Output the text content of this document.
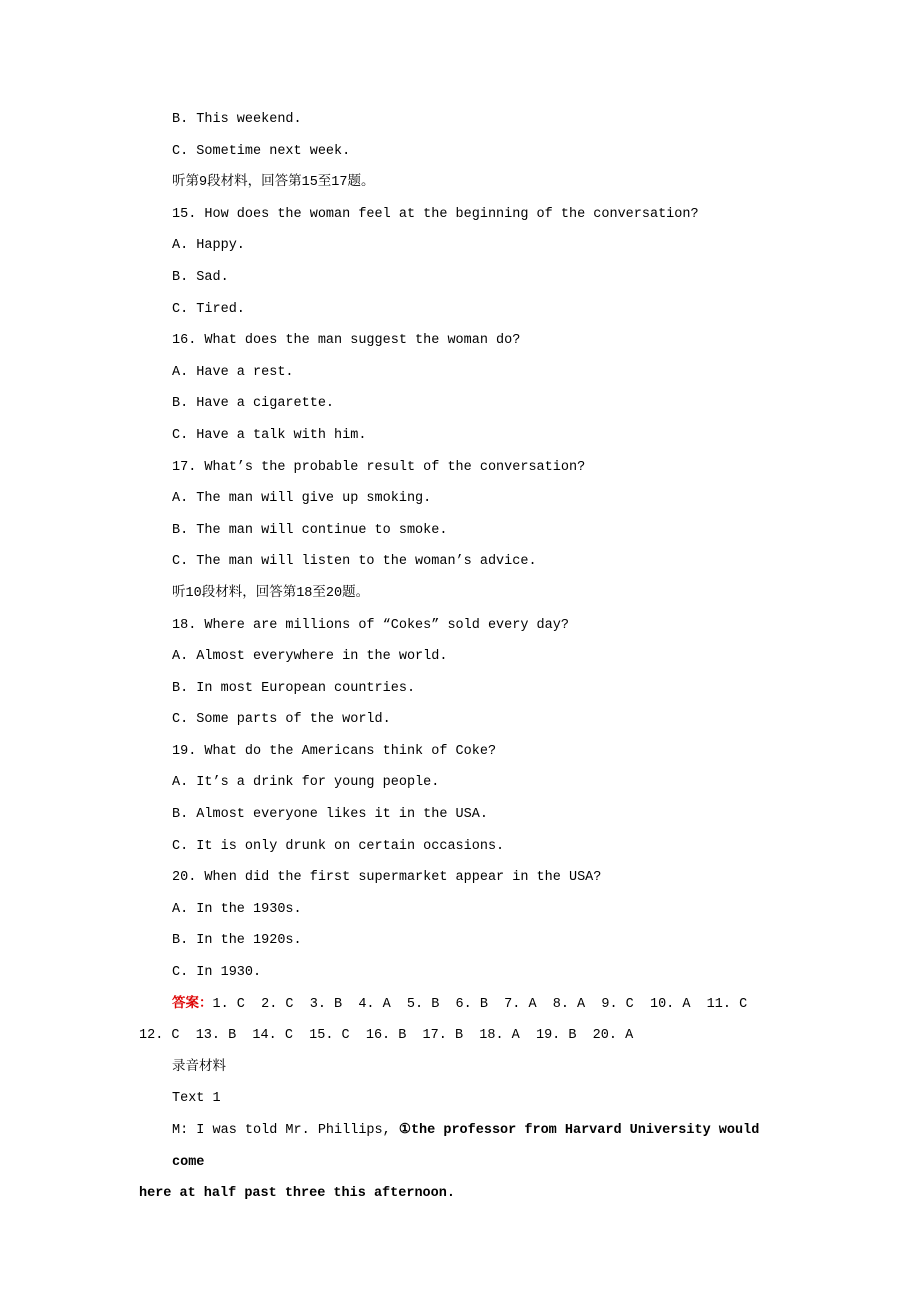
B. This weekend.
C. Sometime next week.
听第9段材料，回答第15至17题。
15. How does the woman feel at the beginning of the conversation?
A. Happy.
B. Sad.
C. Tired.
16. What does the man suggest the woman do?
A. Have a rest.
B. Have a cigarette.
C. Have a talk with him.
17. What’s the probable result of the conversation?
A. The man will give up smoking.
B. The man will continue to smoke.
C. The man will listen to the woman’s advice.
听10段材料，回答第18至20题。
18. Where are millions of “Cokes” sold every day?
A. Almost everywhere in the world.
B. In most European countries.
C. Some parts of the world.
19. What do the Americans think of Coke?
A. It’s a drink for young people.
B. Almost everyone likes it in the USA.
C. It is only drunk on certain occasions.
20. When did the first supermarket appear in the USA?
A. In the 1930s.
B. In the 1920s.
C. In 1930.
答案：1. C  2. C  3. B  4. A  5. B  6. B  7. A  8. A  9. C  10. A  11. C
12. C  13. B  14. C  15. C  16. B  17. B  18. A  19. B  20. A
录音材料
Text 1
M: I was told Mr. Phillips, ①the professor from Harvard University would come
here at half past three this afternoon.
